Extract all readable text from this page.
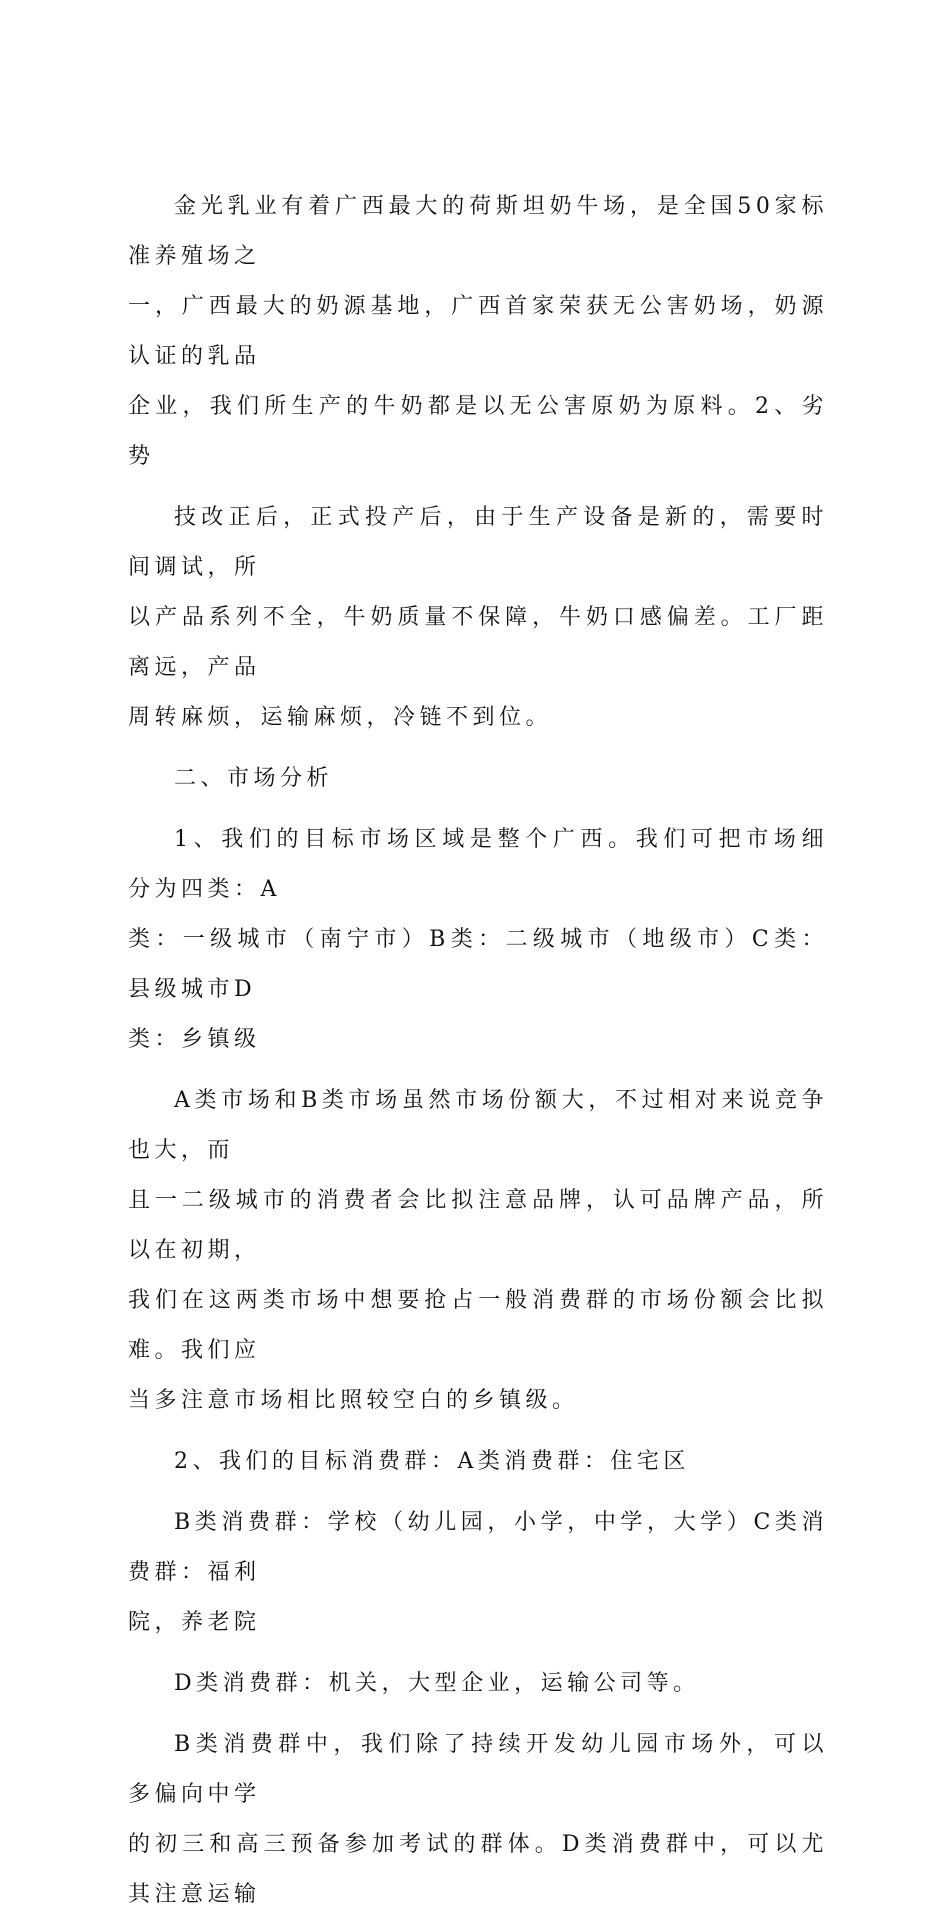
金光乳业有着广西最大的荷斯坦奶牛场，是全国50家标准养殖场之
一，广西最大的奶源基地，广西首家荣获无公害奶场，奶源认证的乳品
企业，我们所生产的牛奶都是以无公害原奶为原料。2、劣势

技改正后，正式投产后，由于生产设备是新的，需要时间调试，所
以产品系列不全，牛奶质量不保障，牛奶口感偏差。工厂距离远，产品
周转麻烦，运输麻烦，冷链不到位。

二、市场分析

1、我们的目标市场区域是整个广西。我们可把市场细分为四类：A
类：一级城市（南宁市）B类：二级城市（地级市）C类：县级城市D
类：乡镇级

A类市场和B类市场虽然市场份额大，不过相对来说竞争也大，而
且一二级城市的消费者会比拟注意品牌，认可品牌产品，所以在初期，
我们在这两类市场中想要抢占一般消费群的市场份额会比拟难。我们应
当多注意市场相比照较空白的乡镇级。

2、我们的目标消费群：A类消费群：住宅区

B类消费群：学校（幼儿园，小学，中学，大学）C类消费群：福利
院，养老院

D类消费群：机关，大型企业，运输公司等。

B类消费群中，我们除了持续开发幼儿园市场外，可以多偏向中学
的初三和高三预备参加考试的群体。D类消费群中，可以尤其注意运输
